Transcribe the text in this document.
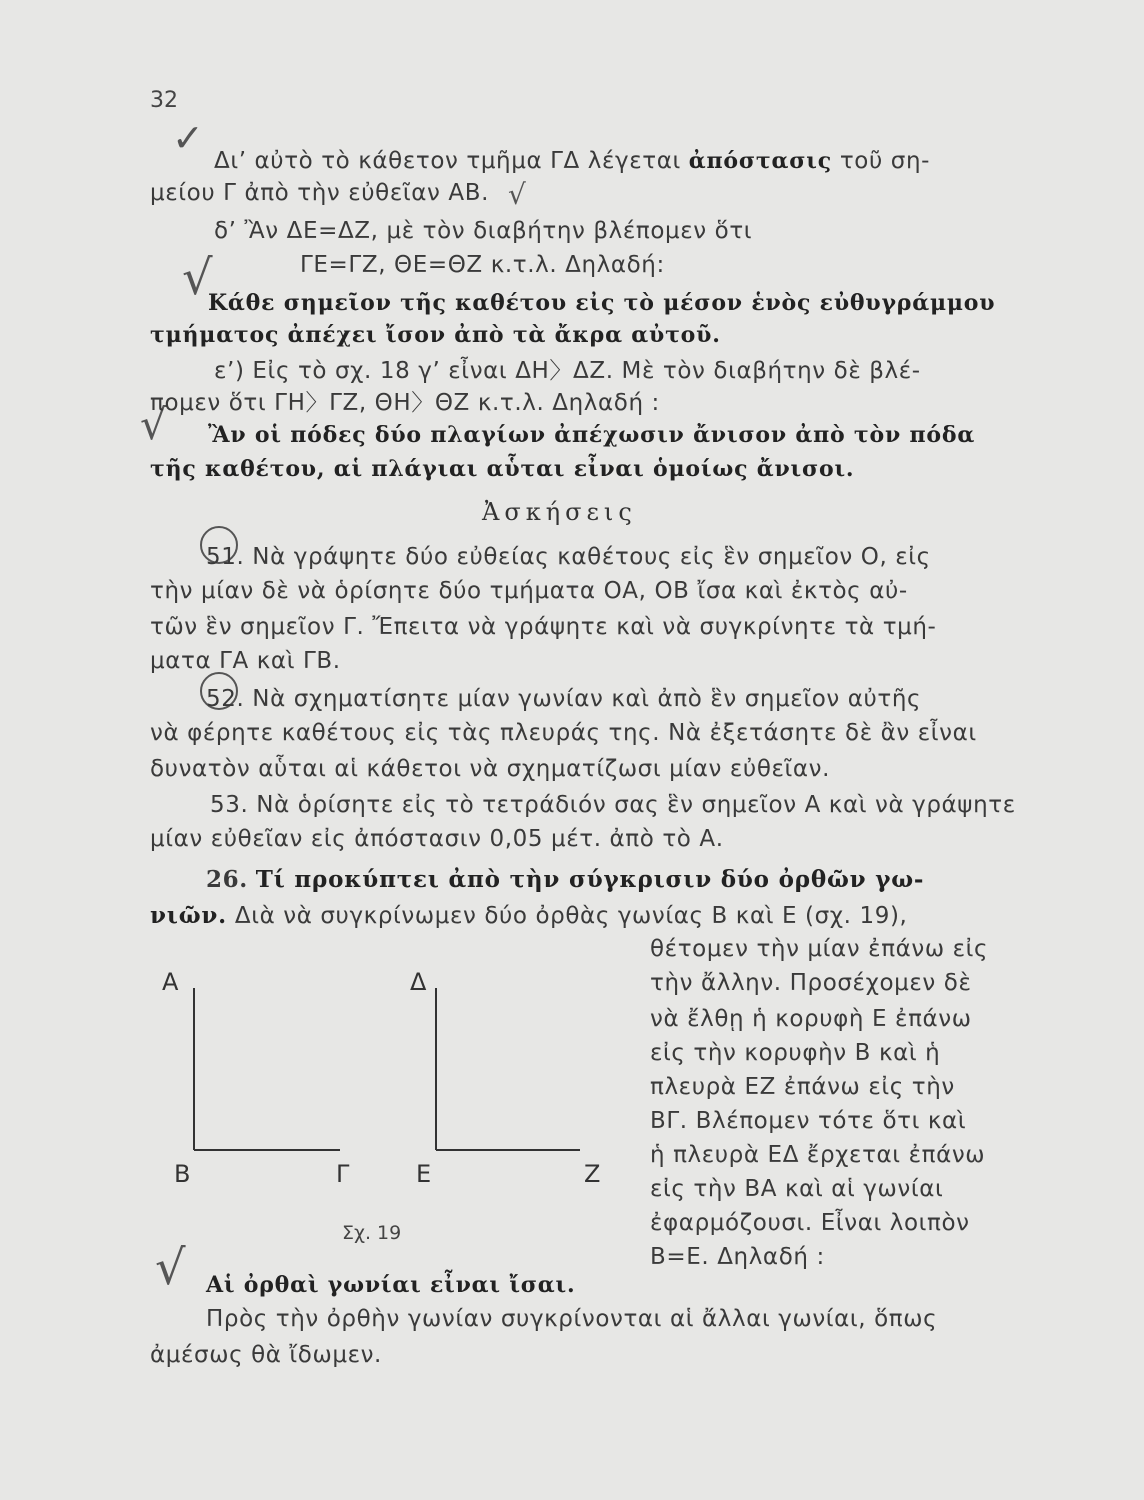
32
✓
√
√
√
√
Δι’ αὐτὸ τὸ κάθετον τμῆμα ΓΔ λέγεται ἀπόστασις τοῦ ση-
μείου Γ ἀπὸ τὴν εὐθεῖαν ΑΒ.
δ’ Ἂν ΔΕ=ΔΖ, μὲ τὸν διαβήτην βλέπομεν ὅτι
ΓΕ=ΓΖ, ΘΕ=ΘΖ κ.τ.λ. Δηλαδή:
Κάθε σημεῖον τῆς καθέτου εἰς τὸ μέσον ἑνὸς εὐθυγράμμου
τμήματος ἀπέχει ἴσον ἀπὸ τὰ ἄκρα αὐτοῦ.
ε’) Εἰς τὸ σχ. 18 γ’ εἶναι ΔΗ〉ΔΖ. Μὲ τὸν διαβήτην δὲ βλέ-
πομεν ὅτι ΓΗ〉ΓΖ, ΘΗ〉ΘΖ κ.τ.λ. Δηλαδή :
Ἂν οἱ πόδες δύο πλαγίων ἀπέχωσιν ἄνισον ἀπὸ τὸν πόδα
τῆς καθέτου, αἱ πλάγιαι αὗται εἶναι ὁμοίως ἄνισοι.
Ἀσκήσεις
51. Νὰ γράψητε δύο εὐθείας καθέτους εἰς ἓν σημεῖον Ο, εἰς
τὴν μίαν δὲ νὰ ὁρίσητε δύο τμήματα ΟΑ, ΟΒ ἴσα καὶ ἐκτὸς αὐ-
τῶν ἓν σημεῖον Γ. Ἔπειτα νὰ γράψητε καὶ νὰ συγκρίνητε τὰ τμή-
ματα ΓΑ καὶ ΓΒ.
52. Νὰ σχηματίσητε μίαν γωνίαν καὶ ἀπὸ ἓν σημεῖον αὐτῆς
νὰ φέρητε καθέτους εἰς τὰς πλευράς της. Νὰ ἐξετάσητε δὲ ἂν εἶναι
δυνατὸν αὗται αἱ κάθετοι νὰ σχηματίζωσι μίαν εὐθεῖαν.
53. Νὰ ὁρίσητε εἰς τὸ τετράδιόν σας ἓν σημεῖον Α καὶ νὰ γράψητε
μίαν εὐθεῖαν εἰς ἀπόστασιν 0,05 μέτ. ἀπὸ τὸ Α.
26. Τί προκύπτει ἀπὸ τὴν σύγκρισιν δύο ὀρθῶν γω-
νιῶν. Διὰ νὰ συγκρίνωμεν δύο ὀρθὰς γωνίας Β καὶ Ε (σχ. 19),
θέτομεν τὴν μίαν ἐπάνω εἰς
τὴν ἄλλην. Προσέχομεν δὲ
νὰ ἔλθῃ ἡ κορυφὴ Ε ἐπάνω
εἰς τὴν κορυφὴν Β καὶ ἡ
πλευρὰ ΕΖ ἐπάνω εἰς τὴν
ΒΓ. Βλέπομεν τότε ὅτι καὶ
ἡ πλευρὰ ΕΔ ἔρχεται ἐπάνω
εἰς τὴν ΒΑ καὶ αἱ γωνίαι
ἐφαρμόζουσι. Εἶναι λοιπὸν
Β=Ε. Δηλαδή :
Α	Δ
Β	Γ	Ε	Ζ
Σχ. 19
Αἱ ὀρθαὶ γωνίαι εἶναι ἴσαι.
Πρὸς τὴν ὀρθὴν γωνίαν συγκρίνονται αἱ ἄλλαι γωνίαι, ὅπως
ἀμέσως θὰ ἴδωμεν.
